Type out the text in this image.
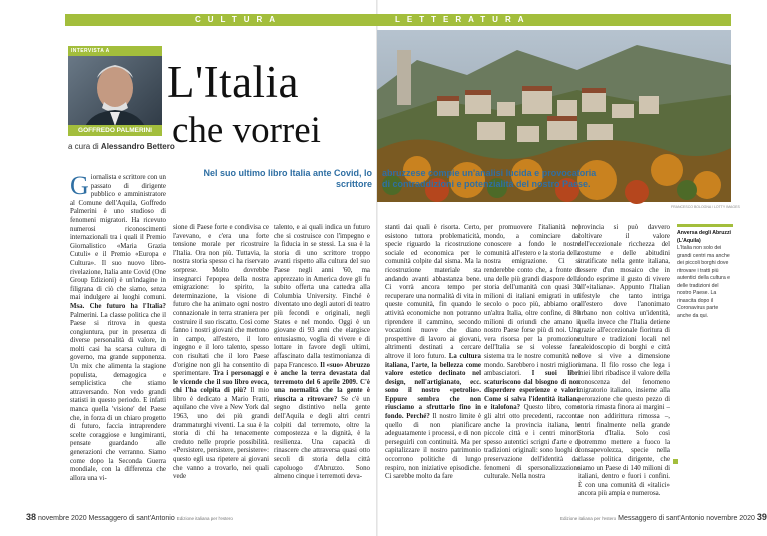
CULTURA	LETTERATURA
INTERVISTA A
GOFFREDO PALMERINI
L'Italia
che vorrei
a cura di Alessandro Bettero
FRANCESCO BOLOGNA / LOTTY IMAGES
Nel suo ultimo libro Italia ante Covid, lo scrittore
abruzzese compie un'analisi lucida e provocatoria
di contraddizioni e potenzialità del nostro Paese.

Giornalista e scrittore con un passato di dirigente pubblico e amministratore al Comune dell'Aquila, Goffredo Palmerini è uno studioso di fenomeni migratori. Ha ricevuto numerosi riconoscimenti internazionali tra i quali il Premio Giornalistico «Maria Grazia Cutuli» e il Premio «Europa e Cultura». Il suo nuovo libro-rivelazione, Italia ante Covid (One Group Edizioni) è un'indagine in filigrana di ciò che siamo, senza mai indulgere ai luoghi comuni. Msa. Che futuro ha l'Italia? Palmerini. La classe politica che il Paese si ritrova in questa congiuntura, pur in presenza di diverse personalità di valore, in molti casi ha scarsa cultura di governo, ma grande supponenza. Un mix che alimenta la stagione populista, demagogica e semplicistica che stiamo attraversando. Non vedo grandi statisti in questo periodo. E infatti manca quella 'visione' del Paese che, in forza di un chiaro progetto di futuro, faccia intraprendere scelte coraggiose e lungimiranti, pensate guardando alle generazioni che verranno. Siamo come dopo la Seconda Guerra mondiale, con la differenza che allora una vi-

sione di Paese forte e condivisa ce l'avevano, e c'era una forte tensione morale per ricostruire l'Italia. Ora non più. Tuttavia, la nostra storia spesso ci ha riservato sorprese. Molto dovrebbe insegnarci l'epopea della nostra emigrazione: lo spirito, la determinazione, la visione di futuro che ha animato ogni nostro connazionale in terra straniera per costruire il suo riscatto. Così come fanno i nostri giovani che mettono in campo, all'estero, il loro ingegno e il loro talento, spesso con risultati che il loro Paese d'origine non gli ha consentito di sperimentare. Tra i personaggi e le vicende che il suo libro evoca, chi l'ha colpita di più? Il mio libro è dedicato a Mario Fratti, aquilano che vive a New York dal 1963, uno dei più grandi drammaturghi viventi. La sua è la storia di chi ha tenacemente creduto nelle proprie possibilità. «Persistere, persistere, persistere»: questo egli usa ripetere ai giovani che vanno a trovarlo, nei quali vede

talento, e ai quali indica un futuro che si costruisce con l'impegno e la fiducia in se stessi. La sua è la storia di uno scrittore troppo avanti rispetto alla cultura del suo Paese negli anni '60, ma apprezzato in America dove gli fu subito offerta una cattedra alla Columbia University. Finché è diventato uno degli autori di teatro più fecondi e originali, negli States e nel mondo. Oggi è un giovane di 93 anni che elargisce entusiasmo, voglia di vivere e di lottare in favore degli ultimi, affascinato dalla testimonianza di papa Francesco. Il «suo» Abruzzo è anche la terra devastata dal terremoto del 6 aprile 2009. C'è una normalità che la gente è riuscita a ritrovare? Se c'è un segno distintivo nella gente dell'Aquila e degli altri centri colpiti dal terremoto, oltre la compostezza e la dignità, è la resilienza. Una capacità di rinascere che attraversa quasi otto secoli di storia della città capoluogo d'Abruzzo. Sono almeno cinque i terremoti deva-

stanti dai quali è risorta. Certo, esistono tuttora problematicità, specie riguardo la ricostruzione sociale ed economica per le comunità colpite dal sisma. Ma la ricostruzione materiale sta andando avanti abbastanza bene. Ci vorrà ancora tempo per recuperare una normalità di vita in queste comunità, fin quando le attività economiche non potranno riprendere il cammino, secondo vocazioni nuove che diano prospettive di lavoro ai giovani, altrimenti destinati a cercare altrove il loro futuro. La cultura italiana, l'arte, la bellezza come valore estetico declinato nel design, nell'artigianato, ecc. sono il nostro «petrolio». Eppure sembra che non riusciamo a sfruttarlo fino in fondo. Perché? Il nostro limite è quello di non pianificare adeguatamente i processi, e di non perseguirli con continuità. Ma per capitalizzare il nostro patrimonio occorrono politiche di lungo respiro, non iniziative episodiche. Ci sarebbe molto da fare

per promuovere l'italianità nel mondo, a cominciare dal conoscere a fondo le nostre comunità all'estero e la storia della nostra emigrazione. Ci si renderebbe conto che, a fronte di una delle più grandi diaspore della storia dell'umanità con quasi 30 milioni di italiani emigrati in un secolo o poco più, abbiamo ora un'altra Italia, oltre confine, di 80 milioni di oriundi che amano il nostro Paese forse più di noi. Una vera risorsa per la promozione dell'Italia se si volesse fare sistema tra le nostre comunità nel mondo. Sarebbero i nostri migliori ambasciatori. I suoi libri scaturiscono dal bisogno di non disperdere esperienze e valori. Come si salva l'identità italiana e italofona? Questo libro, come gli altri otto precedenti, racconta anche la provincia italiana, le piccole città e i centri minori, spesso autentici scrigni d'arte e di tradizioni originali: sono luoghi di preservazione dell'identità dai fenomeni di spersonalizzazione culturale. Nella nostra

provincia si può davvero coltivare il valore dell'eccezionale ricchezza del costume e delle abitudini stratificate nella gente italiana, tessere d'un mosaico che in fondo esprime il gusto di vivere all'«italiana». Appunto l'Italian lifestyle che tanto intriga all'estero dove l'anonimato urbano non coltiva un'identità, quella invece che l'Italia detiene grazie all'eccezionale fioritura di culture e tradizioni locali nel caleidoscopio di borghi e città dove si vive a dimensione umana. Il filo rosso che lega i miei libri ribadisce il valore della conoscenza del fenomeno migratorio italiano, insieme alla perorazione che questo pezzo di storia rimasta finora ai margini – se non addirittura rimossa –, entri finalmente nella grande Storia d'Italia. Solo così potremmo mettere a fuoco la consapevolezza, specie nella classe politica dirigente, che siamo un Paese di 140 milioni di italiani, dentro e fuori i confini. È con una comunità di «italici» ancora più ampia e numerosa.

Anversa degli Abruzzi (L'Aquila)
L'Italia non solo dei grandi centri ma anche dei piccoli borghi dove ritrovare i tratti più autentici della cultura e delle tradizioni del nostro Paese. La rinascita dopo il Coronavirus parte anche da qui.
38 novembre 2020 Messaggero di sant'Antonio Edizione italiana per l'estero	Edizione italiana per l'estero Messaggero di sant'Antonio novembre 2020 39
